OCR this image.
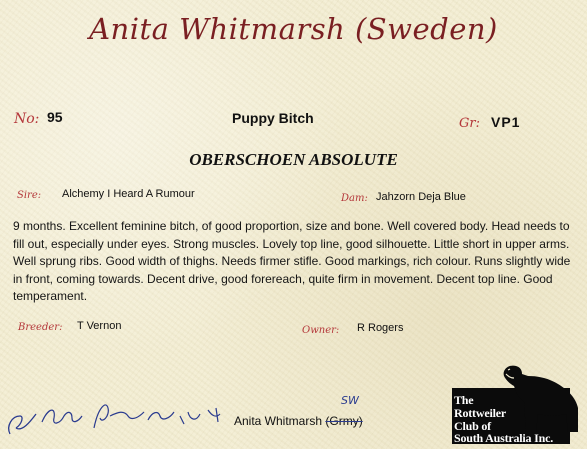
Anita Whitmarsh (Sweden)
No: 95	Puppy Bitch	Gr: VP1
OBERSCHOEN ABSOLUTE
Sire: Alchemy I Heard A Rumour	Dam: Jahzorn Deja Blue
9 months. Excellent feminine bitch, of good proportion, size and bone. Well covered body. Head needs to fill out, especially under eyes. Strong muscles. Lovely top line, good silhouette. Little short in upper arms. Well sprung ribs. Good width of thighs. Needs firmer stifle. Good markings, rich colour. Runs slightly wide in front, coming towards. Decent drive, good forereach, quite firm in movement. Decent top line. Good temperament.
Breeder: T Vernon	Owner: R Rogers
Anita Whitmarsh (Grmy)
SW	The
Rottweiler
Club of
South Australia Inc.
